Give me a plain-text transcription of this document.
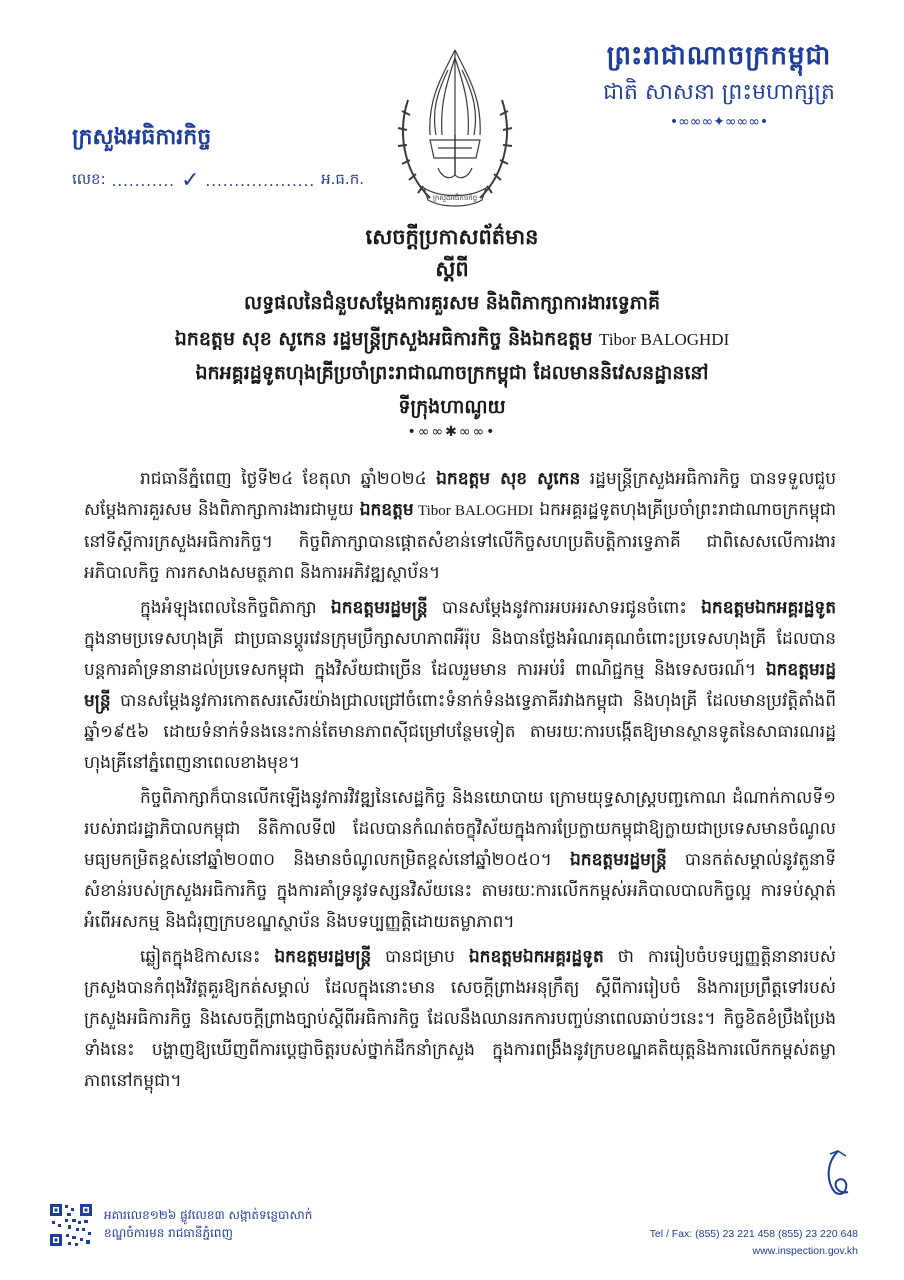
ព្រះរាជាណាចក្រកម្ពុជា
ជាតិ សាសនា ព្រះមហាក្សត្រ
•∞∞∞✦∞∞∞•
ក្រសួងអធិការកិច្ច
ក្រសួងអធិការកិច្ច
លេខ: ........... ✓ ................... អ.ធ.ក.
សេចក្តីប្រកាសព័ត៌មាន
ស្តីពី
លទ្ធផលនៃជំនួបសម្តែងការគួរសម និងពិភាក្សាការងារទ្វេភាគី
ឯកឧត្តម សុខ សូកេន រដ្ឋមន្ត្រីក្រសួងអធិការកិច្ច និងឯកឧត្តម Tibor BALOGHDI
ឯកអគ្គរដ្ឋទូតហុងគ្រីប្រចាំព្រះរាជាណាចក្រកម្ពុជា ដែលមាននិវេសនដ្ឋាននៅ
ទីក្រុងហាណូយ
•∞∞✱∞∞•

រាជធានីភ្នំពេញ ថ្ងៃទី២៤ ខែតុលា ឆ្នាំ២០២៤ ឯកឧត្តម សុខ សូកេន រដ្ឋមន្ត្រីក្រសួងអធិការកិច្ច បានទទួលជួបសម្តែងការគួរសម និងពិភាក្សាការងារជាមួយ ឯកឧត្តម Tibor BALOGHDI ឯកអគ្គរដ្ឋទូតហុងគ្រីប្រចាំព្រះរាជាណាចក្រកម្ពុជា នៅទីស្តីការក្រសួងអធិការកិច្ច។ កិច្ចពិភាក្សាបានផ្តោតសំខាន់ទៅលើកិច្ចសហប្រតិបត្តិការទ្វេភាគី ជាពិសេសលើការងារអភិបាលកិច្ច ការកសាងសមត្ថភាព និងការអភិវឌ្ឍស្ថាប័ន។

ក្នុងអំឡុងពេលនៃកិច្ចពិភាក្សា ឯកឧត្តមរដ្ឋមន្ត្រី បានសម្តែងនូវការអបអរសាទរជូនចំពោះ ឯកឧត្តមឯកអគ្គរដ្ឋទូត ក្នុងនាមប្រទេសហុងគ្រី ជាប្រធានប្តូរវេនក្រុមប្រឹក្សាសហភាពអឺរ៉ុប និងបានថ្លែងអំណរគុណចំពោះប្រទេសហុងគ្រី ដែលបានបន្តការគាំទ្រនានាដល់ប្រទេសកម្ពុជា ក្នុងវិស័យជាច្រើន ដែលរួមមាន ការអប់រំ ពាណិជ្ជកម្ម និងទេសចរណ៍។ ឯកឧត្តមរដ្ឋមន្ត្រី បានសម្តែងនូវការកោតសរសើរយ៉ាងជ្រាលជ្រៅចំពោះទំនាក់ទំនងទ្វេភាគីរវាងកម្ពុជា និងហុងគ្រី ដែលមានប្រវត្តិតាំងពីឆ្នាំ១៩៥៦ ដោយទំនាក់ទំនងនេះកាន់តែមានភាពស៊ីជម្រៅបន្ថែមទៀត តាមរយៈការបង្កើតឱ្យមានស្ថានទូតនៃសាធារណរដ្ឋហុងគ្រីនៅភ្នំពេញនាពេលខាងមុខ។

កិច្ចពិភាក្សាក៏បានលើកឡើងនូវការវិវឌ្ឍនៃសេដ្ឋកិច្ច និងនយោបាយ ក្រោមយុទ្ធសាស្ត្របញ្ចកោណ ដំណាក់កាលទី១ របស់រាជរដ្ឋាភិបាលកម្ពុជា នីតិកាលទី៧ ដែលបានកំណត់ចក្ខុវិស័យក្នុងការប្រែក្លាយកម្ពុជាឱ្យក្លាយជាប្រទេសមានចំណូលមធ្យមកម្រិតខ្ពស់នៅឆ្នាំ២០៣០ និងមានចំណូលកម្រិតខ្ពស់នៅឆ្នាំ២០៥០។ ឯកឧត្តមរដ្ឋមន្ត្រី បានកត់សម្គាល់នូវតួនាទីសំខាន់របស់ក្រសួងអធិការកិច្ច ក្នុងការគាំទ្រនូវទស្សនវិស័យនេះ តាមរយៈការលើកកម្ពស់អភិបាលបាលកិច្ចល្អ ការទប់ស្កាត់អំពើអសកម្ម និងជំរុញក្របខណ្ឌស្ថាប័ន និងបទប្បញ្ញត្តិដោយតម្លាភាព។

ឆ្លៀតក្នុងឱកាសនេះ ឯកឧត្តមរដ្ឋមន្ត្រី បានជម្រាប ឯកឧត្តមឯកអគ្គរដ្ឋទូត ថា ការរៀបចំបទប្បញ្ញត្តិនានារបស់ក្រសួងបានកំពុងវិវត្តគួរឱ្យកត់សម្គាល់ ដែលក្នុងនោះមាន សេចក្តីព្រាងអនុក្រឹត្យ ស្តីពីការរៀបចំ និងការប្រព្រឹត្តទៅរបស់ក្រសួងអធិការកិច្ច និងសេចក្តីព្រាងច្បាប់ស្តីពីអធិការកិច្ច ដែលនឹងឈានរកការបញ្ចប់នាពេលឆាប់ៗនេះ។ កិច្ចខិតខំប្រឹងប្រែងទាំងនេះ បង្ហាញឱ្យឃើញពីការប្តេជ្ញាចិត្តរបស់ថ្នាក់ដឹកនាំក្រសួង ក្នុងការពង្រឹងនូវក្របខណ្ឌគតិយុត្តនិងការលើកកម្ពស់តម្លាភាពនៅកម្ពុជា។

អគារលេខ១២៦ ផ្លូវលេខ៣ សង្កាត់ទន្លេបាសាក់
ខណ្ឌចំការមន រាជធានីភ្នំពេញ	Tel / Fax: (855) 23 221 458 (855) 23 220 648
www.inspection.gov.kh
